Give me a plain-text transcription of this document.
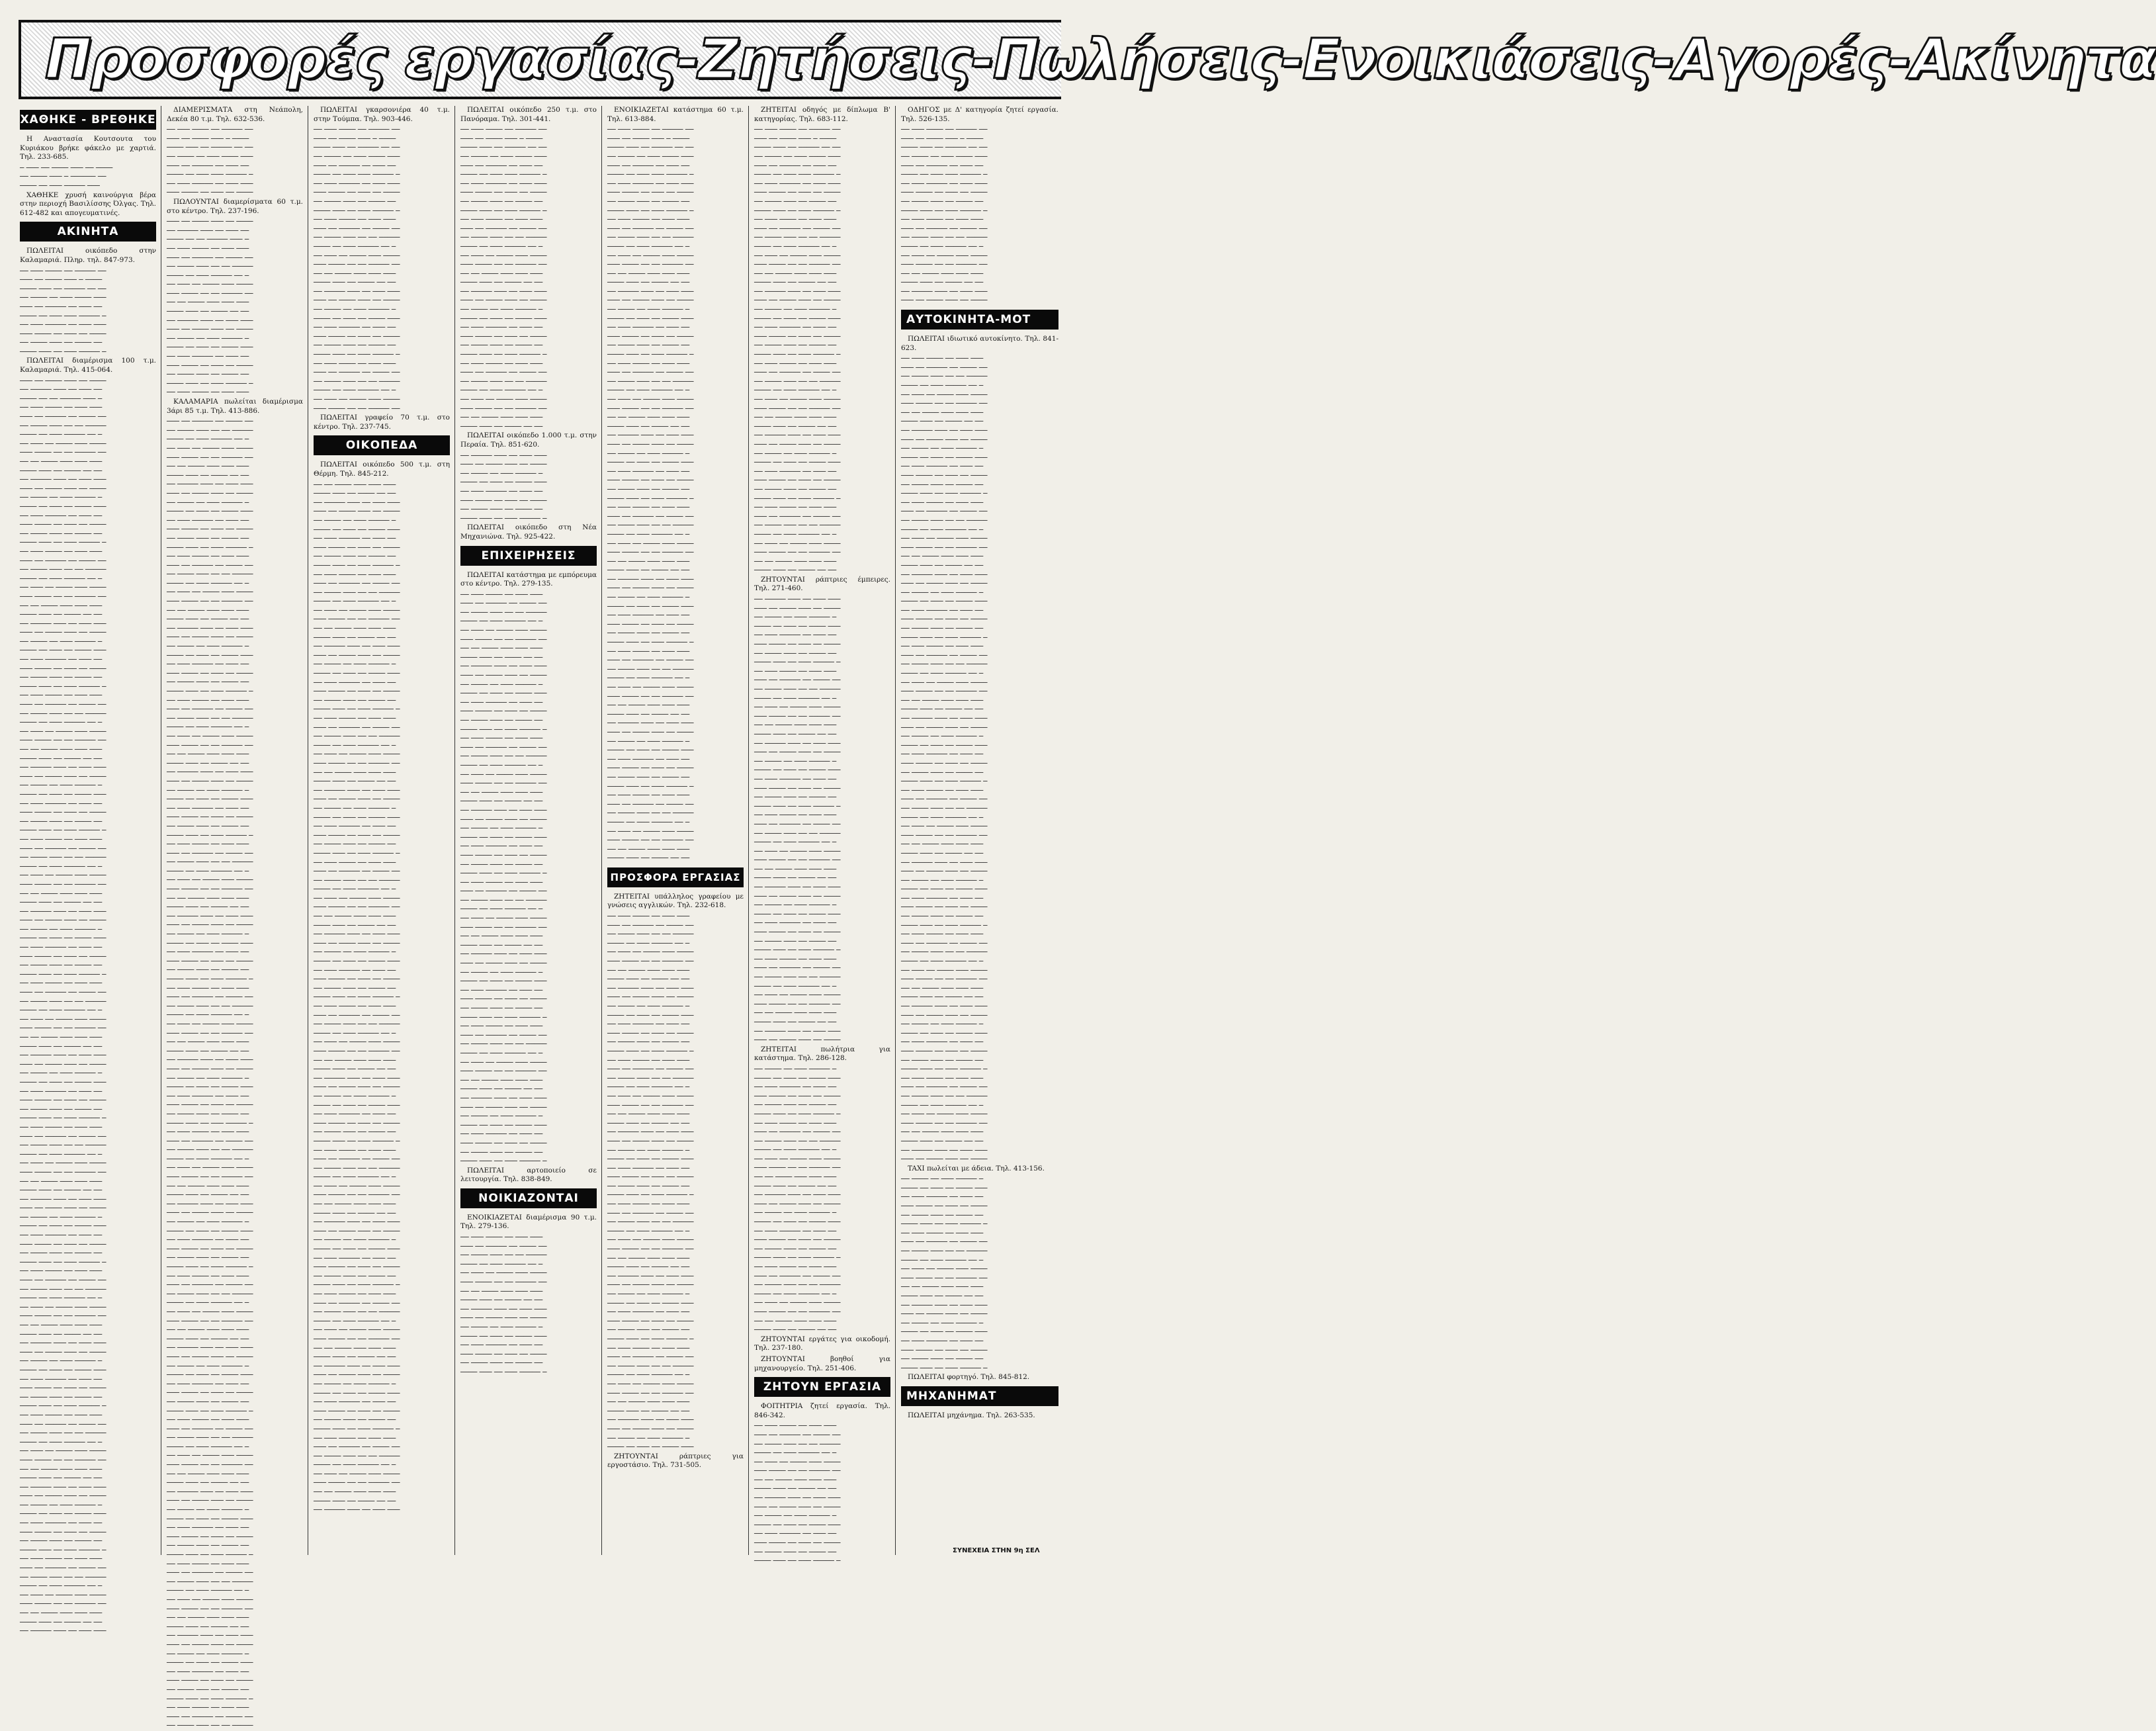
Προσφορές εργασίας-Ζητήσεις-Πωλήσεις-Ενοικιάσεις-Αγορές-Ακίνητα
ΧΑΘΗΚΕ - ΒΡΕΘΗΚΕ

Η Αναστασία Κουτσουτα του Κυριάκου βρήκε φάκελο με χαρτιά. Τηλ. 233-685.

─ ─── ── ──── ─── ── ────
── ──── ─── ─ ────── ──
──── ── ─── ───── ───

ΧΑΘΗΚΕ χρυσή καινούργια βέρα στην περιοχή Βασιλίσσης Όλγας. Τηλ. 612-482 και απογευματινές.

ΑΚΙΝΗΤΑ

ΠΩΛΕΙΤΑΙ οικόπεδο στην Καλαμαριά. Πληρ. τηλ. 847-973.

── ─── ──── ── ───── ──
─── ── ──── ─── ─ ────
──── ─── ── ───── ── ──
── ──── ── ─── ──── ───
─── ── ───── ── ─── ──
──── ── ─── ─── ───── ─
── ─── ───── ── ─── ───
─── ──── ── ─── ── ────
── ──── ─── ── ──── ──
──── ─── ── ─── ───── ─

ΠΩΛΕΙΤΑΙ διαμέρισμα 100 τ.μ. Καλαμαριά. Τηλ. 415-064.

─── ── ──── ─── ── ────
── ───── ─── ── ─── ──
──── ── ── ───── ─── ─
── ─── ──── ── ─── ───
─── ── ───── ── ──── ──
── ──── ─── ── ── ─────
──── ── ─── ───── ── ─
── ─── ── ──── ─── ────
─── ──── ── ── ───── ──
── ── ──── ─── ─── ───
──── ─── ── ──── ── ──
── ───── ─── ── ─── ───
─── ── ──── ─── ── ────
── ──── ── ─── ───── ─
──── ── ─── ── ──── ───
── ─── ───── ── ─── ──
─── ──── ── ─── ── ────
── ──── ─── ── ──── ──
──── ─── ── ─── ───── ─
── ─── ──── ── ─── ───
─── ── ───── ── ──── ──
── ──── ─── ── ── ─────
──── ── ─── ───── ── ─
── ─── ── ──── ─── ────
─── ──── ── ── ───── ──
── ── ──── ─── ─── ───
──── ─── ── ──── ── ──
── ───── ─── ── ─── ───
─── ── ──── ─── ── ────
── ──── ── ─── ───── ─
──── ── ─── ── ──── ───
── ─── ───── ── ─── ──
─── ──── ── ─── ── ────
── ──── ─── ── ──── ──
──── ─── ── ─── ───── ─
── ─── ──── ── ─── ───
─── ── ───── ── ──── ──
── ──── ─── ── ── ─────
──── ── ─── ───── ── ─
── ─── ── ──── ─── ────
─── ──── ── ── ───── ──
── ── ──── ─── ─── ───
──── ─── ── ──── ── ──
── ───── ─── ── ─── ───
─── ── ──── ─── ── ────
── ──── ── ─── ───── ─
──── ── ─── ── ──── ───
── ─── ───── ── ─── ──
─── ──── ── ─── ── ────
── ──── ─── ── ──── ──
──── ─── ── ─── ───── ─
── ─── ──── ── ─── ───
─── ── ───── ── ──── ──
── ──── ─── ── ── ─────
──── ── ─── ───── ── ─
── ─── ── ──── ─── ────
─── ──── ── ── ───── ──
── ── ──── ─── ─── ───
──── ─── ── ──── ── ──
── ───── ─── ── ─── ───
─── ── ──── ─── ── ────
── ──── ── ─── ───── ─
──── ── ─── ── ──── ───
── ─── ───── ── ─── ──
─── ──── ── ─── ── ────
── ──── ─── ── ──── ──
──── ─── ── ─── ───── ─
── ─── ──── ── ─── ───
─── ── ───── ── ──── ──
── ──── ─── ── ── ─────
──── ── ─── ───── ── ─
── ─── ── ──── ─── ────
─── ──── ── ── ───── ──
── ── ──── ─── ─── ───
──── ─── ── ──── ── ──
── ───── ─── ── ─── ───
─── ── ──── ─── ── ────
── ──── ── ─── ───── ─
──── ── ─── ── ──── ───
── ─── ───── ── ─── ──
─── ──── ── ─── ── ────
── ──── ─── ── ──── ──
──── ─── ── ─── ───── ─
── ─── ──── ── ─── ───
─── ── ───── ── ──── ──
── ──── ─── ── ── ─────
──── ── ─── ───── ── ─
── ─── ── ──── ─── ────
─── ──── ── ── ───── ──
── ── ──── ─── ─── ───
──── ─── ── ──── ── ──
── ───── ─── ── ─── ───
─── ── ──── ─── ── ────
── ──── ── ─── ───── ─
──── ── ─── ── ──── ───
── ─── ───── ── ─── ──
─── ──── ── ─── ── ────
── ──── ─── ── ──── ──
──── ─── ── ─── ───── ─
── ─── ──── ── ─── ───
─── ── ───── ── ──── ──
── ──── ─── ── ── ─────
──── ── ─── ───── ── ─
── ─── ── ──── ─── ────
─── ──── ── ── ───── ──
── ── ──── ─── ─── ───
──── ─── ── ──── ── ──
── ───── ─── ── ─── ───
─── ── ──── ─── ── ────
── ──── ── ─── ───── ─
──── ── ─── ── ──── ───
── ─── ───── ── ─── ──
─── ──── ── ─── ── ────
── ──── ─── ── ──── ──
──── ─── ── ─── ───── ─
── ─── ──── ── ─── ───
─── ── ───── ── ──── ──
── ──── ─── ── ── ─────
──── ── ─── ───── ── ─
── ─── ── ──── ─── ────
─── ──── ── ── ───── ──
── ── ──── ─── ─── ───
──── ─── ── ──── ── ──
── ───── ─── ── ─── ───
─── ── ──── ─── ── ────
── ──── ── ─── ───── ─
──── ── ─── ── ──── ───
── ─── ───── ── ─── ──
─── ──── ── ─── ── ────
── ──── ─── ── ──── ──
──── ─── ── ─── ───── ─
── ─── ──── ── ─── ───
─── ── ───── ── ──── ──
── ──── ─── ── ── ─────
──── ── ─── ───── ── ─
── ─── ── ──── ─── ────
─── ──── ── ── ───── ──
── ── ──── ─── ─── ───
──── ─── ── ──── ── ──
── ───── ─── ── ─── ───

ΔΙΑΜΕΡΙΣΜΑΤΑ στη Νεάπολη, Δεκέα 80 τ.μ. Τηλ. 632-536.

── ─── ──── ── ───── ──
─── ── ──── ─── ─ ────
──── ─── ── ───── ── ──
── ──── ── ─── ──── ───
─── ── ───── ── ─── ──
──── ── ─── ─── ───── ─
── ─── ───── ── ─── ───
─── ──── ── ─── ── ────

ΠΩΛΟΥΝΤΑΙ διαμερίσματα 60 τ.μ. στο κέντρο. Τηλ. 237-196.

─── ── ──── ─── ── ────
── ───── ─── ── ─── ──
──── ── ── ───── ─── ─
── ─── ──── ── ─── ───
─── ── ───── ── ──── ──
── ──── ─── ── ── ─────
──── ── ─── ───── ── ─
── ─── ── ──── ─── ────
─── ──── ── ── ───── ──
── ── ──── ─── ─── ───
──── ─── ── ──── ── ──
── ───── ─── ── ─── ───
─── ── ──── ─── ── ────
── ──── ── ─── ───── ─
──── ── ─── ── ──── ───
── ─── ───── ── ─── ──
─── ──── ── ─── ── ────
── ──── ─── ── ──── ──
──── ─── ── ─── ───── ─
── ─── ──── ── ─── ───

ΚΑΛΑΜΑΡΙΑ πωλείται διαμέρισμα 3άρι 85 τ.μ. Τηλ. 413-886.

─── ── ───── ── ──── ──
── ──── ─── ── ── ─────
──── ── ─── ───── ── ─
── ─── ── ──── ─── ────
─── ──── ── ── ───── ──
── ── ──── ─── ─── ───
──── ─── ── ──── ── ──
── ───── ─── ── ─── ───
─── ── ──── ─── ── ────
── ──── ── ─── ───── ─
──── ── ─── ── ──── ───
── ─── ───── ── ─── ──
─── ──── ── ─── ── ────
── ──── ─── ── ──── ──
──── ─── ── ─── ───── ─
── ─── ──── ── ─── ───
─── ── ───── ── ──── ──
── ──── ─── ── ── ─────
──── ── ─── ───── ── ─
── ─── ── ──── ─── ────
─── ──── ── ── ───── ──
── ── ──── ─── ─── ───
──── ─── ── ──── ── ──
── ───── ─── ── ─── ───
─── ── ──── ─── ── ────
── ──── ── ─── ───── ─
──── ── ─── ── ──── ───
── ─── ───── ── ─── ──
─── ──── ── ─── ── ────
── ──── ─── ── ──── ──
──── ─── ── ─── ───── ─
── ─── ──── ── ─── ───
─── ── ───── ── ──── ──
── ──── ─── ── ── ─────
──── ── ─── ───── ── ─
── ─── ── ──── ─── ────
─── ──── ── ── ───── ──
── ── ──── ─── ─── ───
──── ─── ── ──── ── ──
── ───── ─── ── ─── ───
─── ── ──── ─── ── ────
── ──── ── ─── ───── ─
──── ── ─── ── ──── ───
── ─── ───── ── ─── ──
─── ──── ── ─── ── ────
── ──── ─── ── ──── ──
──── ─── ── ─── ───── ─
── ─── ──── ── ─── ───
─── ── ───── ── ──── ──
── ──── ─── ── ── ─────
──── ── ─── ───── ── ─
── ─── ── ──── ─── ────
─── ──── ── ── ───── ──
── ── ──── ─── ─── ───
──── ─── ── ──── ── ──
── ───── ─── ── ─── ───
─── ── ──── ─── ── ────
── ──── ── ─── ───── ─
──── ── ─── ── ──── ───
── ─── ───── ── ─── ──
─── ──── ── ─── ── ────
── ──── ─── ── ──── ──
──── ─── ── ─── ───── ─
── ─── ──── ── ─── ───
─── ── ───── ── ──── ──
── ──── ─── ── ── ─────
──── ── ─── ───── ── ─
── ─── ── ──── ─── ────
─── ──── ── ── ───── ──
── ── ──── ─── ─── ───
──── ─── ── ──── ── ──
── ───── ─── ── ─── ───
─── ── ──── ─── ── ────
── ──── ── ─── ───── ─
──── ── ─── ── ──── ───
── ─── ───── ── ─── ──
─── ──── ── ─── ── ────
── ──── ─── ── ──── ──
──── ─── ── ─── ───── ─
── ─── ──── ── ─── ───
─── ── ───── ── ──── ──
── ──── ─── ── ── ─────
──── ── ─── ───── ── ─
── ─── ── ──── ─── ────
─── ──── ── ── ───── ──
── ── ──── ─── ─── ───
──── ─── ── ──── ── ──
── ───── ─── ── ─── ───
─── ── ──── ─── ── ────
── ──── ── ─── ───── ─
──── ── ─── ── ──── ───
── ─── ───── ── ─── ──
─── ──── ── ─── ── ────
── ──── ─── ── ──── ──
──── ─── ── ─── ───── ─
── ─── ──── ── ─── ───
─── ── ───── ── ──── ──
── ──── ─── ── ── ─────
──── ── ─── ───── ── ─
── ─── ── ──── ─── ────
─── ──── ── ── ───── ──
── ── ──── ─── ─── ───
──── ─── ── ──── ── ──
── ───── ─── ── ─── ───
─── ── ──── ─── ── ────
── ──── ── ─── ───── ─
──── ── ─── ── ──── ───
── ─── ───── ── ─── ──
─── ──── ── ─── ── ────
── ──── ─── ── ──── ──
──── ─── ── ─── ───── ─
── ─── ──── ── ─── ───
─── ── ───── ── ──── ──
── ──── ─── ── ── ─────
──── ── ─── ───── ── ─
── ─── ── ──── ─── ────
─── ──── ── ── ───── ──
── ── ──── ─── ─── ───
──── ─── ── ──── ── ──
── ───── ─── ── ─── ───
─── ── ──── ─── ── ────
── ──── ── ─── ───── ─
──── ── ─── ── ──── ───
── ─── ───── ── ─── ──
─── ──── ── ─── ── ────
── ──── ─── ── ──── ──
──── ─── ── ─── ───── ─
── ─── ──── ── ─── ───
─── ── ───── ── ──── ──
── ──── ─── ── ── ─────
──── ── ─── ───── ── ─
── ─── ── ──── ─── ────
─── ──── ── ── ───── ──
── ── ──── ─── ─── ───
──── ─── ── ──── ── ──
── ───── ─── ── ─── ───
─── ── ──── ─── ── ────
── ──── ── ─── ───── ─
──── ── ─── ── ──── ───
── ─── ───── ── ─── ──
─── ──── ── ─── ── ────
── ──── ─── ── ──── ──
──── ─── ── ─── ───── ─
── ─── ──── ── ─── ───
─── ── ───── ── ──── ──
── ──── ─── ── ── ─────

ΠΩΛΕΙΤΑΙ γκαρσονιέρα 40 τ.μ. στην Τούμπα. Τηλ. 903-446.

── ─── ──── ── ───── ──
─── ── ──── ─── ─ ────
──── ─── ── ───── ── ──
── ──── ── ─── ──── ───
─── ── ───── ── ─── ──
──── ── ─── ─── ───── ─
── ─── ───── ── ─── ───
─── ──── ── ─── ── ────
── ──── ─── ── ──── ──
──── ─── ── ─── ───── ─
── ─── ──── ── ─── ───
─── ── ───── ── ──── ──
── ──── ─── ── ── ─────
──── ── ─── ───── ── ─
── ─── ── ──── ─── ────
─── ──── ── ── ───── ──
── ── ──── ─── ─── ───
──── ─── ── ──── ── ──
── ───── ─── ── ─── ───
─── ── ──── ─── ── ────
── ──── ── ─── ───── ─
──── ── ─── ── ──── ───
── ─── ───── ── ─── ──
─── ──── ── ─── ── ────
── ──── ─── ── ──── ──
──── ─── ── ─── ───── ─
── ─── ──── ── ─── ───
─── ── ───── ── ──── ──
── ──── ─── ── ── ─────
──── ── ─── ───── ── ─
── ─── ── ──── ─── ────
─── ──── ── ── ───── ──

ΠΩΛΕΙΤΑΙ γραφείο 70 τ.μ. στο κέντρο. Τηλ. 237-745.

ΟΙΚΟΠΕΔΑ

ΠΩΛΕΙΤΑΙ οικόπεδο 500 τ.μ. στη Θέρμη. Τηλ. 845-212.

── ── ──── ─── ─── ───
──── ─── ── ──── ── ──
── ───── ─── ── ─── ───
─── ── ──── ─── ── ────
── ──── ── ─── ───── ─
──── ── ─── ── ──── ───
── ─── ───── ── ─── ──
─── ──── ── ─── ── ────
── ──── ─── ── ──── ──
──── ─── ── ─── ───── ─
── ─── ──── ── ─── ───
─── ── ───── ── ──── ──
── ──── ─── ── ── ─────
──── ── ─── ───── ── ─
── ─── ── ──── ─── ────
─── ──── ── ── ───── ──
── ── ──── ─── ─── ───
──── ─── ── ──── ── ──
── ───── ─── ── ─── ───
─── ── ──── ─── ── ────
── ──── ── ─── ───── ─
──── ── ─── ── ──── ───
── ─── ───── ── ─── ──
─── ──── ── ─── ── ────
── ──── ─── ── ──── ──
──── ─── ── ─── ───── ─
── ─── ──── ── ─── ───
─── ── ───── ── ──── ──
── ──── ─── ── ── ─────
──── ── ─── ───── ── ─
── ─── ── ──── ─── ────
─── ──── ── ── ───── ──
── ── ──── ─── ─── ───
──── ─── ── ──── ── ──
── ───── ─── ── ─── ───
─── ── ──── ─── ── ────
── ──── ── ─── ───── ─
──── ── ─── ── ──── ───
── ─── ───── ── ─── ──
─── ──── ── ─── ── ────
── ──── ─── ── ──── ──
──── ─── ── ─── ───── ─
── ─── ──── ── ─── ───
─── ── ───── ── ──── ──
── ──── ─── ── ── ─────
──── ── ─── ───── ── ─
── ─── ── ──── ─── ────
─── ──── ── ── ───── ──
── ── ──── ─── ─── ───
──── ─── ── ──── ── ──
── ───── ─── ── ─── ───
─── ── ──── ─── ── ────
── ──── ── ─── ───── ─
──── ── ─── ── ──── ───
── ─── ───── ── ─── ──
─── ──── ── ─── ── ────
── ──── ─── ── ──── ──
──── ─── ── ─── ───── ─
── ─── ──── ── ─── ───
─── ── ───── ── ──── ──
── ──── ─── ── ── ─────
──── ── ─── ───── ── ─
── ─── ── ──── ─── ────
─── ──── ── ── ───── ──
── ── ──── ─── ─── ───
──── ─── ── ──── ── ──
── ───── ─── ── ─── ───
─── ── ──── ─── ── ────
── ──── ── ─── ───── ─
──── ── ─── ── ──── ───
── ─── ───── ── ─── ──
─── ──── ── ─── ── ────
── ──── ─── ── ──── ──
──── ─── ── ─── ───── ─
── ─── ──── ── ─── ───
─── ── ───── ── ──── ──
── ──── ─── ── ── ─────
──── ── ─── ───── ── ─
── ─── ── ──── ─── ────
─── ──── ── ── ───── ──
── ── ──── ─── ─── ───
──── ─── ── ──── ── ──
── ───── ─── ── ─── ───
─── ── ──── ─── ── ────
── ──── ── ─── ───── ─
──── ── ─── ── ──── ───
── ─── ───── ── ─── ──
─── ──── ── ─── ── ────
── ──── ─── ── ──── ──
──── ─── ── ─── ───── ─
── ─── ──── ── ─── ───
─── ── ───── ── ──── ──
── ──── ─── ── ── ─────
──── ── ─── ───── ── ─
── ─── ── ──── ─── ────
─── ──── ── ── ───── ──
── ── ──── ─── ─── ───
──── ─── ── ──── ── ──
── ───── ─── ── ─── ───
─── ── ──── ─── ── ────
── ──── ── ─── ───── ─
──── ── ─── ── ──── ───
── ─── ───── ── ─── ──
─── ──── ── ─── ── ────
── ──── ─── ── ──── ──
──── ─── ── ─── ───── ─
── ─── ──── ── ─── ───
─── ── ───── ── ──── ──
── ──── ─── ── ── ─────
──── ── ─── ───── ── ─
── ─── ── ──── ─── ────
─── ──── ── ── ───── ──
── ── ──── ─── ─── ───
──── ─── ── ──── ── ──
── ───── ─── ── ─── ───

ΠΩΛΕΙΤΑΙ οικόπεδο 250 τ.μ. στο Πανόραμα. Τηλ. 301-441.

── ─── ──── ── ───── ──
─── ── ──── ─── ─ ────
──── ─── ── ───── ── ──
── ──── ── ─── ──── ───
─── ── ───── ── ─── ──
──── ── ─── ─── ───── ─
── ─── ───── ── ─── ───
─── ──── ── ─── ── ────
── ──── ─── ── ──── ──
──── ─── ── ─── ───── ─
── ─── ──── ── ─── ───
─── ── ───── ── ──── ──
── ──── ─── ── ── ─────
──── ── ─── ───── ── ─
── ─── ── ──── ─── ────
─── ──── ── ── ───── ──
── ── ──── ─── ─── ───
──── ─── ── ──── ── ──
── ───── ─── ── ─── ───
─── ── ──── ─── ── ────
── ──── ── ─── ───── ─
──── ── ─── ── ──── ───
── ─── ───── ── ─── ──
─── ──── ── ─── ── ────
── ──── ─── ── ──── ──
──── ─── ── ─── ───── ─
── ─── ──── ── ─── ───
─── ── ───── ── ──── ──
── ──── ─── ── ── ─────
──── ── ─── ───── ── ─
── ─── ── ──── ─── ────
─── ──── ── ── ───── ──
── ── ──── ─── ─── ───
──── ─── ── ──── ── ──

ΠΩΛΕΙΤΑΙ οικόπεδο 1.000 τ.μ. στην Περαία. Τηλ. 851-620.

── ───── ─── ── ─── ───
─── ── ──── ─── ── ────
── ──── ── ─── ───── ─
──── ── ─── ── ──── ───
── ─── ───── ── ─── ──
─── ──── ── ─── ── ────
── ──── ─── ── ──── ──
──── ─── ── ─── ───── ─

ΠΩΛΕΙΤΑΙ οικόπεδο στη Νέα Μηχανιώνα. Τηλ. 925-422.

ΕΠΙΧΕΙΡΗΣΕΙΣ

ΠΩΛΕΙΤΑΙ κατάστημα με εμπόρευμα στο κέντρο. Τηλ. 279-135.

── ─── ──── ── ─── ───
─── ── ───── ── ──── ──
── ──── ─── ── ── ─────
──── ── ─── ───── ── ─
── ─── ── ──── ─── ────
─── ──── ── ── ───── ──
── ── ──── ─── ─── ───
──── ─── ── ──── ── ──
── ───── ─── ── ─── ───
─── ── ──── ─── ── ────
── ──── ── ─── ───── ─
──── ── ─── ── ──── ───
── ─── ───── ── ─── ──
─── ──── ── ─── ── ────
── ──── ─── ── ──── ──
──── ─── ── ─── ───── ─
── ─── ──── ── ─── ───
─── ── ───── ── ──── ──
── ──── ─── ── ── ─────
──── ── ─── ───── ── ─
── ─── ── ──── ─── ────
─── ──── ── ── ───── ──
── ── ──── ─── ─── ───
──── ─── ── ──── ── ──
── ───── ─── ── ─── ───
─── ── ──── ─── ── ────
── ──── ── ─── ───── ─
──── ── ─── ── ──── ───
── ─── ───── ── ─── ──
─── ──── ── ─── ── ────
── ──── ─── ── ──── ──
──── ─── ── ─── ───── ─
── ─── ──── ── ─── ───
─── ── ───── ── ──── ──
── ──── ─── ── ── ─────
──── ── ─── ───── ── ─
── ─── ── ──── ─── ────
─── ──── ── ── ───── ──
── ── ──── ─── ─── ───
──── ─── ── ──── ── ──
── ───── ─── ── ─── ───
─── ── ──── ─── ── ────
── ──── ── ─── ───── ─
──── ── ─── ── ──── ───
── ─── ───── ── ─── ──
─── ──── ── ─── ── ────
── ──── ─── ── ──── ──
──── ─── ── ─── ───── ─
── ─── ──── ── ─── ───
─── ── ───── ── ──── ──
── ──── ─── ── ── ─────
──── ── ─── ───── ── ─
── ─── ── ──── ─── ────
─── ──── ── ── ───── ──
── ── ──── ─── ─── ───
──── ─── ── ──── ── ──
── ───── ─── ── ─── ───
─── ── ──── ─── ── ────
── ──── ── ─── ───── ─
──── ── ─── ── ──── ───
── ─── ───── ── ─── ──
─── ──── ── ─── ── ────
── ──── ─── ── ──── ──
──── ─── ── ─── ───── ─

ΠΩΛΕΙΤΑΙ αρτοποιείο σε λειτουργία. Τηλ. 838-849.

ΝΟΙΚΙΑΖΟΝΤΑΙ

ΕΝΟΙΚΙΑΖΕΤΑΙ διαμέρισμα 90 τ.μ. Τηλ. 279-136.

── ─── ──── ── ─── ───
─── ── ───── ── ──── ──
── ──── ─── ── ── ─────
──── ── ─── ───── ── ─
── ─── ── ──── ─── ────
─── ──── ── ── ───── ──
── ── ──── ─── ─── ───
──── ─── ── ──── ── ──
── ───── ─── ── ─── ───
─── ── ──── ─── ── ────
── ──── ── ─── ───── ─
──── ── ─── ── ──── ───
── ─── ───── ── ─── ──
─── ──── ── ─── ── ────
── ──── ─── ── ──── ──
──── ─── ── ─── ───── ─

ΕΝΟΙΚΙΑΖΕΤΑΙ κατάστημα 60 τ.μ. Τηλ. 613-884.

── ─── ──── ── ───── ──
─── ── ──── ─── ─ ────
──── ─── ── ───── ── ──
── ──── ── ─── ──── ───
─── ── ───── ── ─── ──
──── ── ─── ─── ───── ─
── ─── ───── ── ─── ───
─── ──── ── ─── ── ────
── ──── ─── ── ──── ──
──── ─── ── ─── ───── ─
── ─── ──── ── ─── ───
─── ── ───── ── ──── ──
── ──── ─── ── ── ─────
──── ── ─── ───── ── ─
── ─── ── ──── ─── ────
─── ──── ── ── ───── ──
── ── ──── ─── ─── ───
──── ─── ── ──── ── ──
── ───── ─── ── ─── ───
─── ── ──── ─── ── ────
── ──── ── ─── ───── ─
──── ── ─── ── ──── ───
── ─── ───── ── ─── ──
─── ──── ── ─── ── ────
── ──── ─── ── ──── ──
──── ─── ── ─── ───── ─
── ─── ──── ── ─── ───
─── ── ───── ── ──── ──
── ──── ─── ── ── ─────
──── ── ─── ───── ── ─
── ─── ── ──── ─── ────
─── ──── ── ── ───── ──
── ── ──── ─── ─── ───
──── ─── ── ──── ── ──
── ───── ─── ── ─── ───
─── ── ──── ─── ── ────
── ──── ── ─── ───── ─
──── ── ─── ── ──── ───
── ─── ───── ── ─── ──
─── ──── ── ─── ── ────
── ──── ─── ── ──── ──
──── ─── ── ─── ───── ─
── ─── ──── ── ─── ───
─── ── ───── ── ──── ──
── ──── ─── ── ── ─────
──── ── ─── ───── ── ─
── ─── ── ──── ─── ────
─── ──── ── ── ───── ──
── ── ──── ─── ─── ───
──── ─── ── ──── ── ──
── ───── ─── ── ─── ───
─── ── ──── ─── ── ────
── ──── ── ─── ───── ─
──── ── ─── ── ──── ───
── ─── ───── ── ─── ──
─── ──── ── ─── ── ────
── ──── ─── ── ──── ──
──── ─── ── ─── ───── ─
── ─── ──── ── ─── ───
─── ── ───── ── ──── ──
── ──── ─── ── ── ─────
──── ── ─── ───── ── ─
── ─── ── ──── ─── ────
─── ──── ── ── ───── ──
── ── ──── ─── ─── ───
──── ─── ── ──── ── ──
── ───── ─── ── ─── ───
─── ── ──── ─── ── ────
── ──── ── ─── ───── ─
──── ── ─── ── ──── ───
── ─── ───── ── ─── ──
─── ──── ── ─── ── ────
── ──── ─── ── ──── ──
──── ─── ── ─── ───── ─
── ─── ──── ── ─── ───
─── ── ───── ── ──── ──
── ──── ─── ── ── ─────
──── ── ─── ───── ── ─
── ─── ── ──── ─── ────
─── ──── ── ── ───── ──
── ── ──── ─── ─── ───
──── ─── ── ──── ── ──
ΠΡΟΣΦΟΡΑ ΕΡΓΑΣΙΑΣ

ΖΗΤΕΙΤΑΙ υπάλληλος γραφείου με γνώσεις αγγλικών. Τηλ. 232-618.

── ─── ──── ── ─── ───
─── ── ───── ── ──── ──
── ──── ─── ── ── ─────
──── ── ─── ───── ── ─
── ─── ── ──── ─── ────
─── ──── ── ── ───── ──
── ── ──── ─── ─── ───
──── ─── ── ──── ── ──
── ───── ─── ── ─── ───
─── ── ──── ─── ── ────
── ──── ── ─── ───── ─
──── ── ─── ── ──── ───
── ─── ───── ── ─── ──
─── ──── ── ─── ── ────
── ──── ─── ── ──── ──
──── ─── ── ─── ───── ─
── ─── ──── ── ─── ───
─── ── ───── ── ──── ──
── ──── ─── ── ── ─────
──── ── ─── ───── ── ─
── ─── ── ──── ─── ────
─── ──── ── ── ───── ──
── ── ──── ─── ─── ───
──── ─── ── ──── ── ──
── ───── ─── ── ─── ───
─── ── ──── ─── ── ────
── ──── ── ─── ───── ─
──── ── ─── ── ──── ───
── ─── ───── ── ─── ──
─── ──── ── ─── ── ────
── ──── ─── ── ──── ──
──── ─── ── ─── ───── ─
── ─── ──── ── ─── ───
─── ── ───── ── ──── ──
── ──── ─── ── ── ─────
──── ── ─── ───── ── ─
── ─── ── ──── ─── ────
─── ──── ── ── ───── ──
── ── ──── ─── ─── ───
──── ─── ── ──── ── ──
── ───── ─── ── ─── ───
─── ── ──── ─── ── ────
── ──── ── ─── ───── ─
──── ── ─── ── ──── ───
── ─── ───── ── ─── ──
─── ──── ── ─── ── ────
── ──── ─── ── ──── ──
──── ─── ── ─── ───── ─
── ─── ──── ── ─── ───
─── ── ───── ── ──── ──
── ──── ─── ── ── ─────
──── ── ─── ───── ── ─
── ─── ── ──── ─── ────
─── ──── ── ── ───── ──
── ── ──── ─── ─── ───
──── ─── ── ──── ── ──
── ───── ─── ── ─── ───
─── ── ──── ─── ── ────
── ──── ── ─── ───── ─
──── ── ─── ── ──── ───

ΖΗΤΟΥΝΤΑΙ ράπτριες για εργοστάσιο. Τηλ. 731-505.

ΖΗΤΕΙΤΑΙ οδηγός με δίπλωμα Β' κατηγορίας. Τηλ. 683-112.

── ─── ──── ── ───── ──
─── ── ──── ─── ─ ────
──── ─── ── ───── ── ──
── ──── ── ─── ──── ───
─── ── ───── ── ─── ──
──── ── ─── ─── ───── ─
── ─── ───── ── ─── ───
─── ──── ── ─── ── ────
── ──── ─── ── ──── ──
──── ─── ── ─── ───── ─
── ─── ──── ── ─── ───
─── ── ───── ── ──── ──
── ──── ─── ── ── ─────
──── ── ─── ───── ── ─
── ─── ── ──── ─── ────
─── ──── ── ── ───── ──
── ── ──── ─── ─── ───
──── ─── ── ──── ── ──
── ───── ─── ── ─── ───
─── ── ──── ─── ── ────
── ──── ── ─── ───── ─
──── ── ─── ── ──── ───
── ─── ───── ── ─── ──
─── ──── ── ─── ── ────
── ──── ─── ── ──── ──
──── ─── ── ─── ───── ─
── ─── ──── ── ─── ───
─── ── ───── ── ──── ──
── ──── ─── ── ── ─────
──── ── ─── ───── ── ─
── ─── ── ──── ─── ────
─── ──── ── ── ───── ──
── ── ──── ─── ─── ───
──── ─── ── ──── ── ──
── ───── ─── ── ─── ───
─── ── ──── ─── ── ────
── ──── ── ─── ───── ─
──── ── ─── ── ──── ───
── ─── ───── ── ─── ──
─── ──── ── ─── ── ────
── ──── ─── ── ──── ──
──── ─── ── ─── ───── ─
── ─── ──── ── ─── ───
─── ── ───── ── ──── ──
── ──── ─── ── ── ─────
──── ── ─── ───── ── ─
── ─── ── ──── ─── ────
─── ──── ── ── ───── ──
── ── ──── ─── ─── ───
──── ─── ── ──── ── ──

ΖΗΤΟΥΝΤΑΙ ράπτριες έμπειρες. Τηλ. 271-460.

── ───── ─── ── ─── ───
─── ── ──── ─── ── ────
── ──── ── ─── ───── ─
──── ── ─── ── ──── ───
── ─── ───── ── ─── ──
─── ──── ── ─── ── ────
── ──── ─── ── ──── ──
──── ─── ── ─── ───── ─
── ─── ──── ── ─── ───
─── ── ───── ── ──── ──
── ──── ─── ── ── ─────
──── ── ─── ───── ── ─
── ─── ── ──── ─── ────
─── ──── ── ── ───── ──
── ── ──── ─── ─── ───
──── ─── ── ──── ── ──
── ───── ─── ── ─── ───
─── ── ──── ─── ── ────
── ──── ── ─── ───── ─
──── ── ─── ── ──── ───
── ─── ───── ── ─── ──
─── ──── ── ─── ── ────
── ──── ─── ── ──── ──
──── ─── ── ─── ───── ─
── ─── ──── ── ─── ───
─── ── ───── ── ──── ──
── ──── ─── ── ── ─────
──── ── ─── ───── ── ─
── ─── ── ──── ─── ────
─── ──── ── ── ───── ──
── ── ──── ─── ─── ───
──── ─── ── ──── ── ──
── ───── ─── ── ─── ───
─── ── ──── ─── ── ────
── ──── ── ─── ───── ─
──── ── ─── ── ──── ───
── ─── ───── ── ─── ──
─── ──── ── ─── ── ────
── ──── ─── ── ──── ──
──── ─── ── ─── ───── ─
── ─── ──── ── ─── ───
─── ── ───── ── ──── ──
── ──── ─── ── ── ─────
──── ── ─── ───── ── ─
── ─── ── ──── ─── ────
─── ──── ── ── ───── ──
── ── ──── ─── ─── ───
──── ─── ── ──── ── ──
── ───── ─── ── ─── ───
─── ── ──── ─── ── ────

ΖΗΤΕΙΤΑΙ πωλήτρια για κατάστημα. Τηλ. 286-128.

── ──── ── ─── ───── ─
──── ── ─── ── ──── ───
── ─── ───── ── ─── ──
─── ──── ── ─── ── ────
── ──── ─── ── ──── ──
──── ─── ── ─── ───── ─
── ─── ──── ── ─── ───
─── ── ───── ── ──── ──
── ──── ─── ── ── ─────
──── ── ─── ───── ── ─
── ─── ── ──── ─── ────
─── ──── ── ── ───── ──
── ── ──── ─── ─── ───
──── ─── ── ──── ── ──
── ───── ─── ── ─── ───
─── ── ──── ─── ── ────
── ──── ── ─── ───── ─
──── ── ─── ── ──── ───
── ─── ───── ── ─── ──
─── ──── ── ─── ── ────
── ──── ─── ── ──── ──
──── ─── ── ─── ───── ─
── ─── ──── ── ─── ───
─── ── ───── ── ──── ──
── ──── ─── ── ── ─────
──── ── ─── ───── ── ─
── ─── ── ──── ─── ────
─── ──── ── ── ───── ──
── ── ──── ─── ─── ───
──── ─── ── ──── ── ──

ΖΗΤΟΥΝΤΑΙ εργάτες για οικοδομή. Τηλ. 237-180.

ΖΗΤΟΥΝΤΑΙ βοηθοί για μηχανουργείο. Τηλ. 251-406.

ΖΗΤΟΥΝ ΕΡΓΑΣΙΑ

ΦΟΙΤΗΤΡΙΑ ζητεί εργασία. Τηλ. 846-342.

── ─── ──── ── ─── ───
─── ── ───── ── ──── ──
── ──── ─── ── ── ─────
──── ── ─── ───── ── ─
── ─── ── ──── ─── ────
─── ──── ── ── ───── ──
── ── ──── ─── ─── ───
──── ─── ── ──── ── ──
── ───── ─── ── ─── ───
─── ── ──── ─── ── ────
── ──── ── ─── ───── ─
──── ── ─── ── ──── ───
── ─── ───── ── ─── ──
─── ──── ── ─── ── ────
── ──── ─── ── ──── ──
──── ─── ── ─── ───── ─

ΟΔΗΓΟΣ με Δ' κατηγορία ζητεί εργασία. Τηλ. 526-135.

── ─── ──── ── ───── ──
─── ── ──── ─── ─ ────
──── ─── ── ───── ── ──
── ──── ── ─── ──── ───
─── ── ───── ── ─── ──
──── ── ─── ─── ───── ─
── ─── ───── ── ─── ───
─── ──── ── ─── ── ────
── ──── ─── ── ──── ──
──── ─── ── ─── ───── ─
── ─── ──── ── ─── ───
─── ── ───── ── ──── ──
── ──── ─── ── ── ─────
──── ── ─── ───── ── ─
── ─── ── ──── ─── ────
─── ──── ── ── ───── ──
── ── ──── ─── ─── ───
──── ─── ── ──── ── ──
── ───── ─── ── ─── ───
─── ── ──── ─── ── ────
ΑΥΤΟΚΙΝΗΤΑ-ΜΟΤ

ΠΩΛΕΙΤΑΙ ιδιωτικό αυτοκίνητο. Τηλ. 841-623.

── ─── ──── ── ─── ───
─── ── ───── ── ──── ──
── ──── ─── ── ── ─────
──── ── ─── ───── ── ─
── ─── ── ──── ─── ────
─── ──── ── ── ───── ──
── ── ──── ─── ─── ───
──── ─── ── ──── ── ──
── ───── ─── ── ─── ───
─── ── ──── ─── ── ────
── ──── ── ─── ───── ─
──── ── ─── ── ──── ───
── ─── ───── ── ─── ──
─── ──── ── ─── ── ────
── ──── ─── ── ──── ──
──── ─── ── ─── ───── ─
── ─── ──── ── ─── ───
─── ── ───── ── ──── ──
── ──── ─── ── ── ─────
──── ── ─── ───── ── ─
── ─── ── ──── ─── ────
─── ──── ── ── ───── ──
── ── ──── ─── ─── ───
──── ─── ── ──── ── ──
── ───── ─── ── ─── ───
─── ── ──── ─── ── ────
── ──── ── ─── ───── ─
──── ── ─── ── ──── ───
── ─── ───── ── ─── ──
─── ──── ── ─── ── ────
── ──── ─── ── ──── ──
──── ─── ── ─── ───── ─
── ─── ──── ── ─── ───
─── ── ───── ── ──── ──
── ──── ─── ── ── ─────
──── ── ─── ───── ── ─
── ─── ── ──── ─── ────
─── ──── ── ── ───── ──
── ── ──── ─── ─── ───
──── ─── ── ──── ── ──
── ───── ─── ── ─── ───
─── ── ──── ─── ── ────
── ──── ── ─── ───── ─
──── ── ─── ── ──── ───
── ─── ───── ── ─── ──
─── ──── ── ─── ── ────
── ──── ─── ── ──── ──
──── ─── ── ─── ───── ─
── ─── ──── ── ─── ───
─── ── ───── ── ──── ──
── ──── ─── ── ── ─────
──── ── ─── ───── ── ─
── ─── ── ──── ─── ────
─── ──── ── ── ───── ──
── ── ──── ─── ─── ───
──── ─── ── ──── ── ──
── ───── ─── ── ─── ───
─── ── ──── ─── ── ────
── ──── ── ─── ───── ─
──── ── ─── ── ──── ───
── ─── ───── ── ─── ──
─── ──── ── ─── ── ────
── ──── ─── ── ──── ──
──── ─── ── ─── ───── ─
── ─── ──── ── ─── ───
─── ── ───── ── ──── ──
── ──── ─── ── ── ─────
──── ── ─── ───── ── ─
── ─── ── ──── ─── ────
─── ──── ── ── ───── ──
── ── ──── ─── ─── ───
──── ─── ── ──── ── ──
── ───── ─── ── ─── ───
─── ── ──── ─── ── ────
── ──── ── ─── ───── ─
──── ── ─── ── ──── ───
── ─── ───── ── ─── ──
─── ──── ── ─── ── ────
── ──── ─── ── ──── ──
──── ─── ── ─── ───── ─
── ─── ──── ── ─── ───
─── ── ───── ── ──── ──
── ──── ─── ── ── ─────
──── ── ─── ───── ── ─
── ─── ── ──── ─── ────
─── ──── ── ── ───── ──
── ── ──── ─── ─── ───
──── ─── ── ──── ── ──
── ───── ─── ── ─── ───
─── ── ──── ─── ── ────

TAXI πωλείται με άδεια. Τηλ. 413-156.

── ──── ── ─── ───── ─
──── ── ─── ── ──── ───
── ─── ───── ── ─── ──
─── ──── ── ─── ── ────
── ──── ─── ── ──── ──
──── ─── ── ─── ───── ─
── ─── ──── ── ─── ───
─── ── ───── ── ──── ──
── ──── ─── ── ── ─────
──── ── ─── ───── ── ─
── ─── ── ──── ─── ────
─── ──── ── ── ───── ──
── ── ──── ─── ─── ───
──── ─── ── ──── ── ──
── ───── ─── ── ─── ───
─── ── ──── ─── ── ────
── ──── ── ─── ───── ─
──── ── ─── ── ──── ───
── ─── ───── ── ─── ──
─── ──── ── ─── ── ────
── ──── ─── ── ──── ──
──── ─── ── ─── ───── ─

ΠΩΛΕΙΤΑΙ φορτηγό. Τηλ. 845-812.

ΜΗΧΑΝΗΜΑΤ

ΠΩΛΕΙΤΑΙ μηχάνημα. Τηλ. 263-535.

ΣΥΝΕΧΕΙΑ ΣΤΗΝ 9η ΣΕΛ
